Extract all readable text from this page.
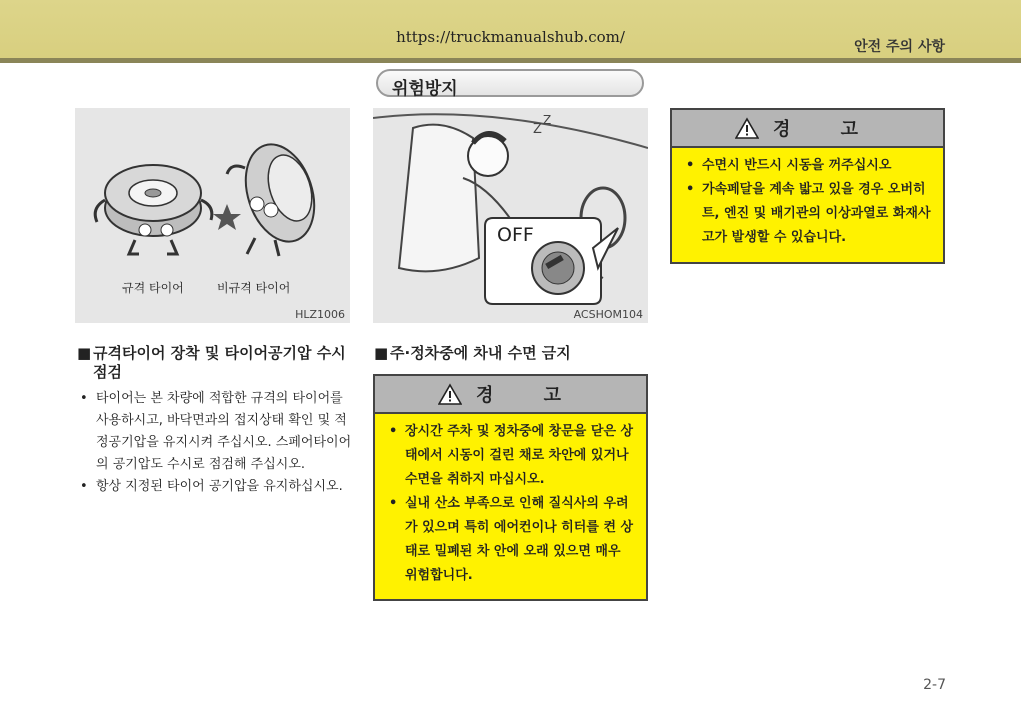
https://truckmanualshub.com/
안전 주의 사항
위험방지
규격 타이어	비규격 타이어
HLZ1006
Z
Z
OFF
ACSHOM104
■ 규격타이어 장착 및 타이어공기압 수시 점검
• 타이어는 본 차량에 적합한 규격의 타이어를 사용하시고, 바닥면과의 접지상태 확인 및 적정공기압을 유지시켜 주십시오. 스페어타이어의 공기압도 수시로 점검해 주십시오.
• 항상 지정된 타이어 공기압을 유지하십시오.
■ 주·정차중에 차내 수면 금지
경 고
• 장시간 주차 및 정차중에 창문을 닫은 상태에서 시동이 걸린 채로 차안에 있거나 수면을 취하지 마십시오.
• 실내 산소 부족으로 인해 질식사의 우려가 있으며 특히 에어컨이나 히터를 켠 상태로 밀폐된 차 안에 오래 있으면 매우 위험합니다.
경 고
• 수면시 반드시 시동을 꺼주십시오
• 가속페달을 계속 밟고 있을 경우 오버히트, 엔진 및 배기관의 이상과열로 화재사고가 발생할 수 있습니다.
2-7
